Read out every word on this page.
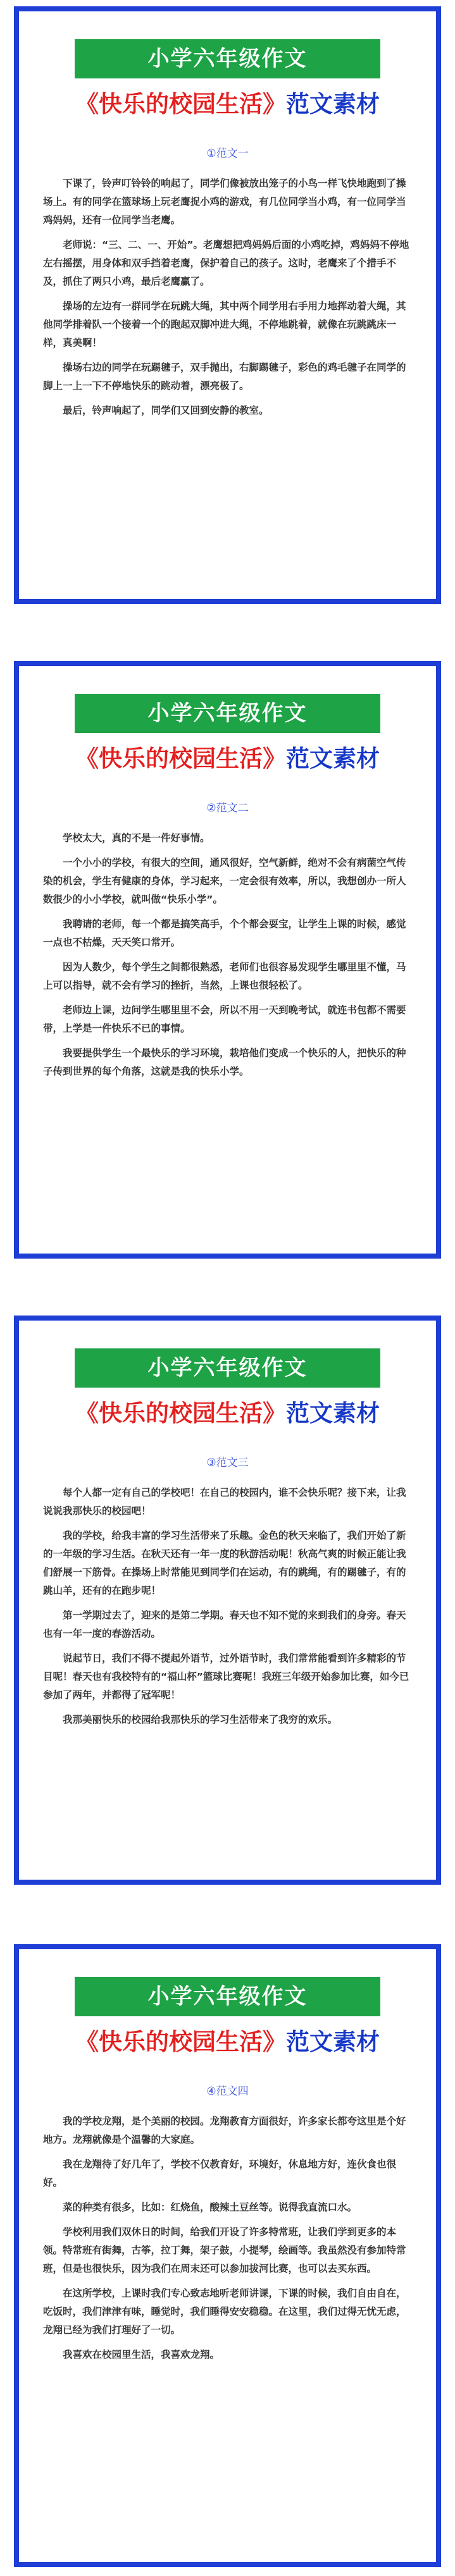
小学六年级作文
《快乐的校园生活》范文素材
①范文一

下课了，铃声叮铃铃的响起了，同学们像被放出笼子的小鸟一样飞快地跑到了操场上。有的同学在篮球场上玩老鹰捉小鸡的游戏，有几位同学当小鸡，有一位同学当鸡妈妈，还有一位同学当老鹰。

老师说：“三、二、一、开始”。老鹰想把鸡妈妈后面的小鸡吃掉，鸡妈妈不停地左右摇摆，用身体和双手挡着老鹰，保护着自己的孩子。这时，老鹰来了个措手不及，抓住了两只小鸡，最后老鹰赢了。

操场的左边有一群同学在玩跳大绳，其中两个同学用右手用力地挥动着大绳，其他同学排着队一个接着一个的跑起双脚冲进大绳，不停地跳着，就像在玩跳跳床一样，真美啊！

操场右边的同学在玩踢毽子，双手抛出，右脚踢毽子，彩色的鸡毛毽子在同学的脚上一上一下不停地快乐的跳动着，漂亮极了。

最后，铃声响起了，同学们又回到安静的教室。

小学六年级作文
《快乐的校园生活》范文素材
②范文二

学校太大，真的不是一件好事情。

一个小小的学校，有很大的空间，通风很好，空气新鲜，绝对不会有病菌空气传染的机会，学生有健康的身体，学习起来，一定会很有效率，所以，我想创办一所人数很少的小小学校，就叫做“快乐小学”。

我聘请的老师，每一个都是搞笑高手，个个都会耍宝，让学生上课的时候，感觉一点也不枯燥，天天笑口常开。

因为人数少，每个学生之间都很熟悉，老师们也很容易发现学生哪里里不懂，马上可以指导，就不会有学习的挫折，当然，上课也很轻松了。

老师边上课，边问学生哪里里不会，所以不用一天到晚考试，就连书包都不需要带，上学是一件快乐不已的事情。

我要提供学生一个最快乐的学习环境，栽培他们变成一个快乐的人，把快乐的种子传到世界的每个角落，这就是我的快乐小学。

小学六年级作文
《快乐的校园生活》范文素材
③范文三

每个人都一定有自己的学校吧！在自己的校园内，谁不会快乐呢？接下来，让我说说我那快乐的校园吧！

我的学校，给我丰富的学习生活带来了乐趣。金色的秋天来临了，我们开始了新的一年级的学习生活。在秋天还有一年一度的秋游活动呢！秋高气爽的时候正能让我们舒展一下筋骨。在操场上时常能见到同学们在运动，有的跳绳，有的踢毽子，有的跳山羊，还有的在跑步呢！

第一学期过去了，迎来的是第二学期。春天也不知不觉的来到我们的身旁。春天也有一年一度的春游活动。

说起节日，我们不得不提起外语节，过外语节时，我们常常能看到许多精彩的节目呢！春天也有我校特有的“福山杯”篮球比赛呢！我班三年级开始参加比赛，如今已参加了两年，并都得了冠军呢！

我那美丽快乐的校园给我那快乐的学习生活带来了我穷的欢乐。

小学六年级作文
《快乐的校园生活》范文素材
④范文四

我的学校龙翔，是个美丽的校园。龙翔教育方面很好，许多家长都夸这里是个好地方。龙翔就像是个温馨的大家庭。

我在龙翔待了好几年了，学校不仅教育好，环境好，休息地方好，连伙食也很好。

菜的种类有很多，比如：红烧鱼，酸辣土豆丝等。说得我直流口水。

学校利用我们双休日的时间，给我们开设了许多特常班，让我们学到更多的本领。特常班有街舞，古筝，拉丁舞，架子鼓，小提琴，绘画等。我虽然没有参加特常班，但是也很快乐，因为我们在周末还可以参加拔河比赛，也可以去买东西。

在这所学校，上课时我们专心致志地听老师讲课，下课的时候，我们自由自在，吃饭时，我们津津有味，睡觉时，我们睡得安安稳稳。在这里，我们过得无忧无虑，龙翔已经为我们打理好了一切。

我喜欢在校园里生活，我喜欢龙翔。
